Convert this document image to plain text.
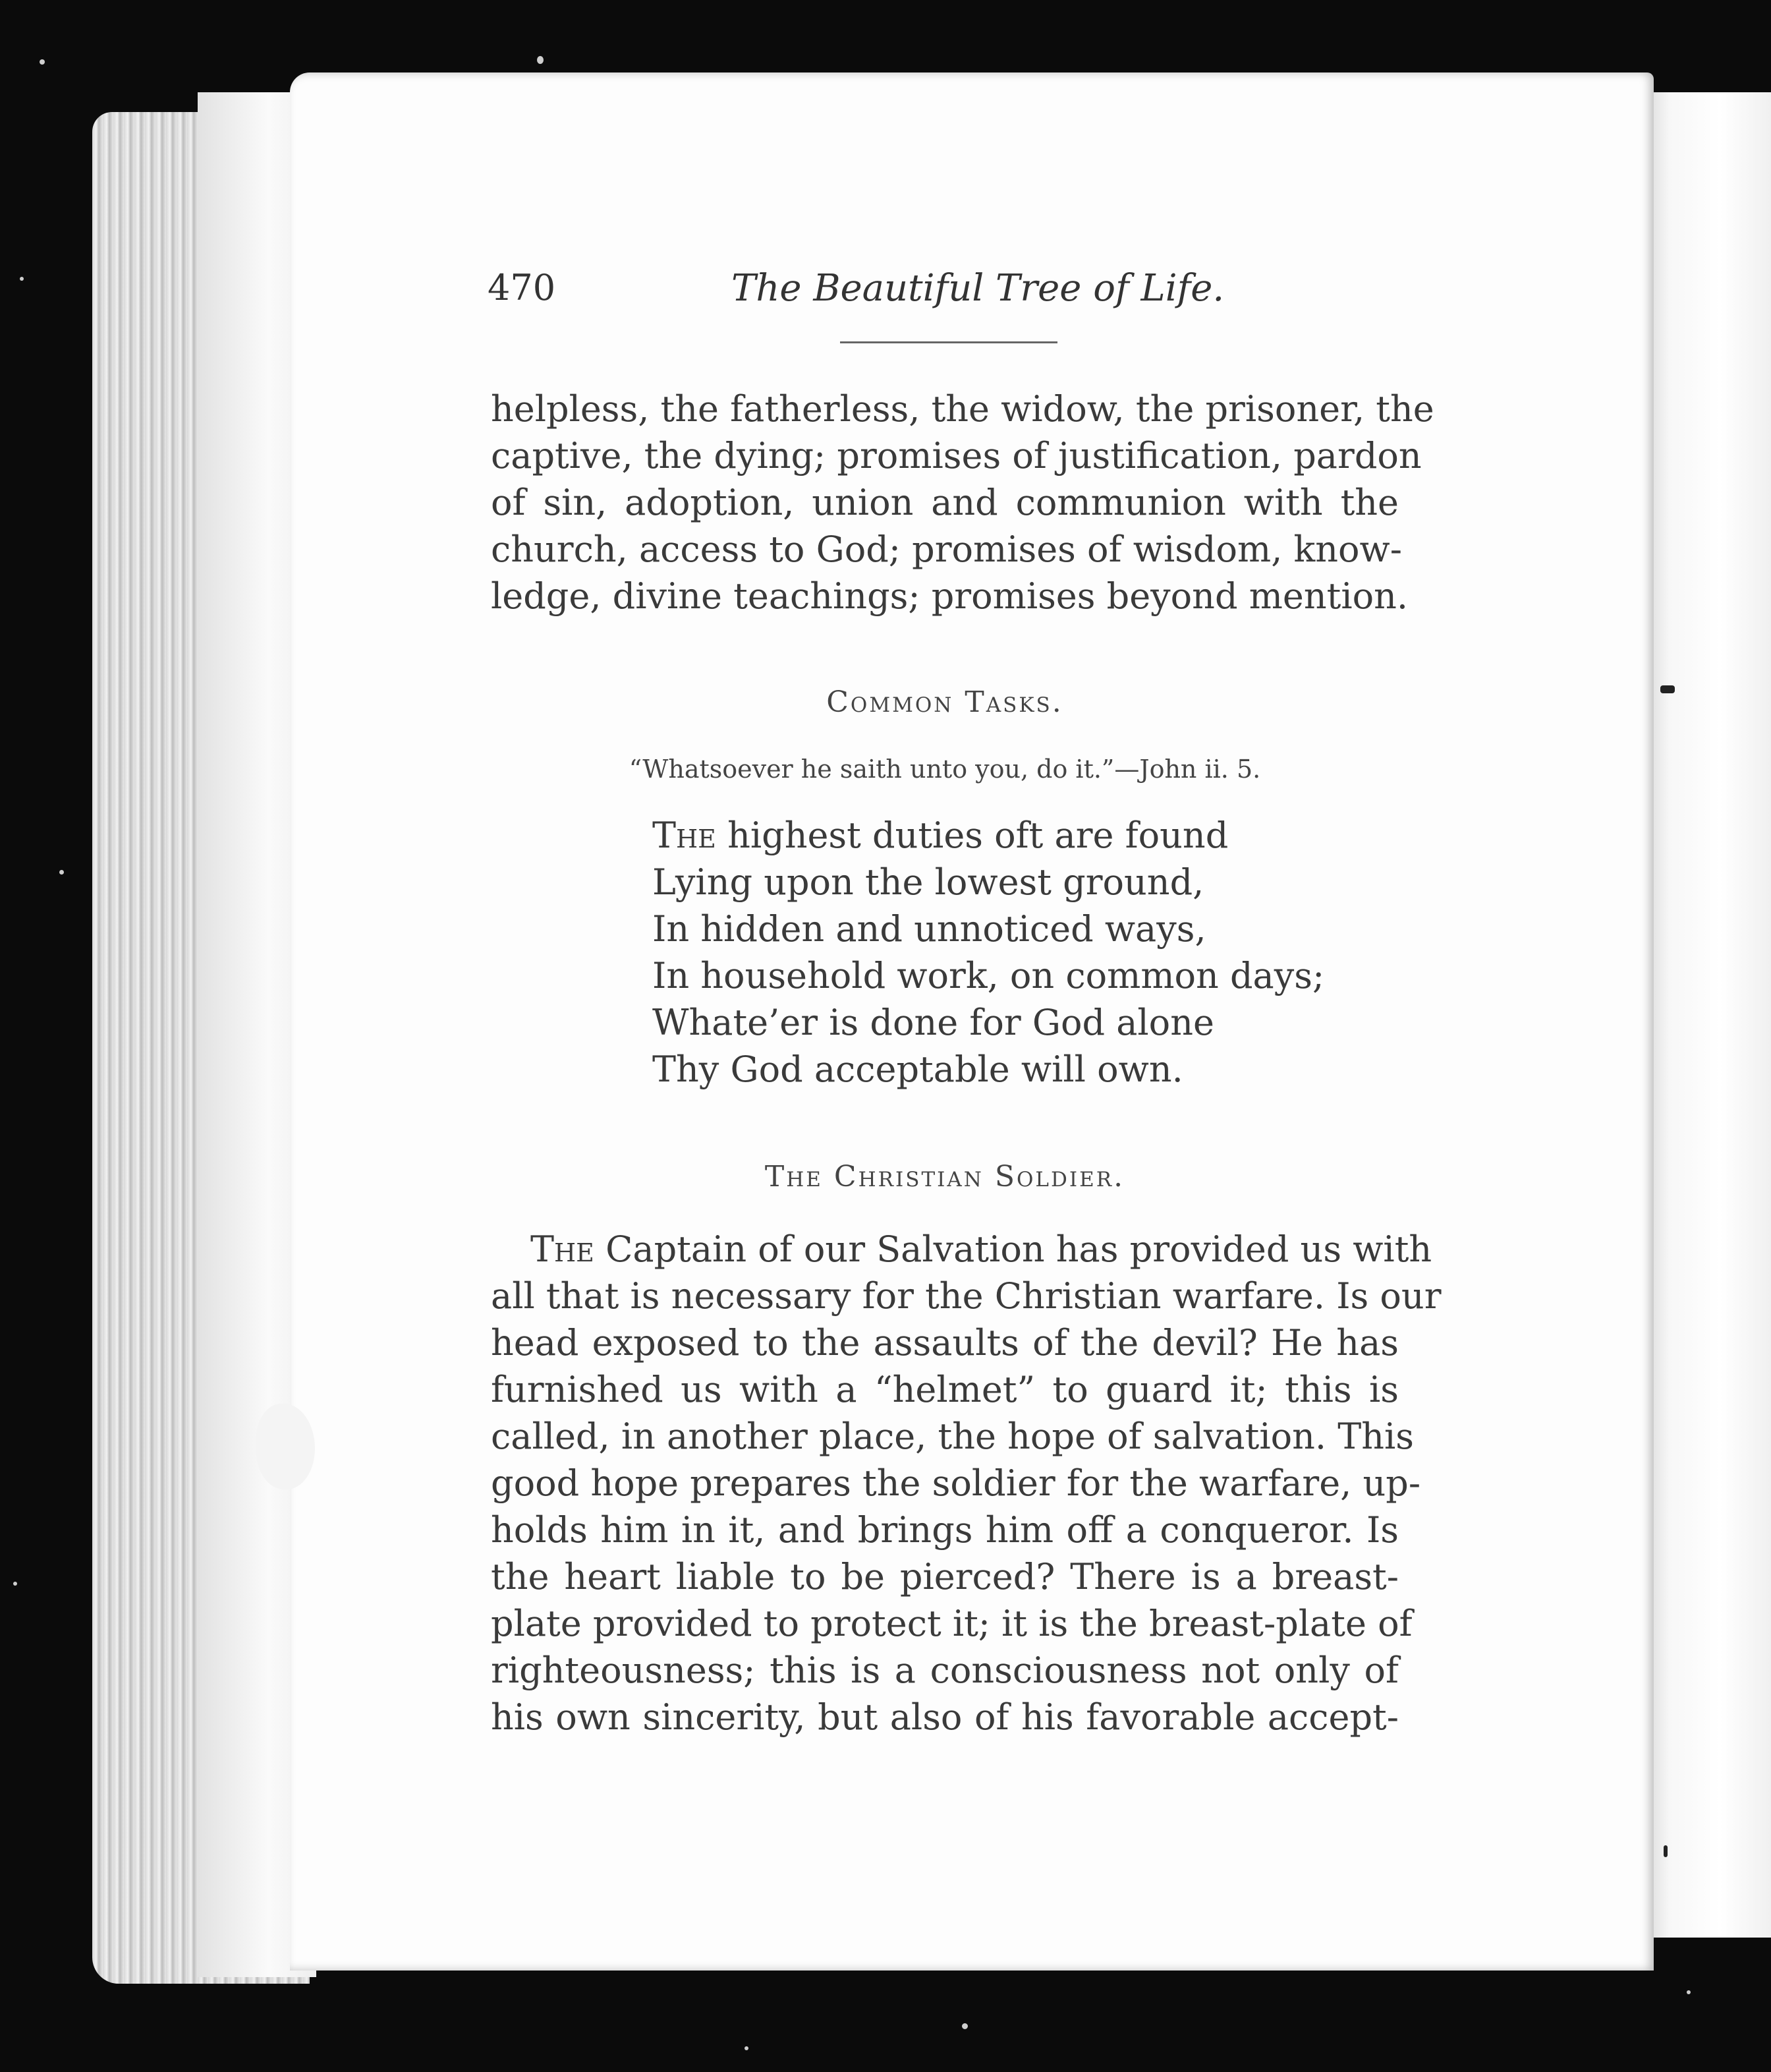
470	The Beautiful Tree of Life.
helpless, the fatherless, the widow, the prisoner, the
captive, the dying; promises of justification, pardon
of sin, adoption, union and communion with the
church, access to God; promises of wisdom, know-
ledge, divine teachings; promises beyond mention.
Common Tasks.
“Whatsoever he saith unto you, do it.”—John ii. 5.
The highest duties oft are found
Lying upon the lowest ground,
In hidden and unnoticed ways,
In household work, on common days;
Whate’er is done for God alone
Thy God acceptable will own.
The Christian Soldier.
The Captain of our Salvation has provided us with
all that is necessary for the Christian warfare. Is our
head exposed to the assaults of the devil? He has
furnished us with a “helmet” to guard it; this is
called, in another place, the hope of salvation. This
good hope prepares the soldier for the warfare, up-
holds him in it, and brings him off a conqueror. Is
the heart liable to be pierced? There is a breast-
plate provided to protect it; it is the breast-plate of
righteousness; this is a consciousness not only of
his own sincerity, but also of his favorable accept-
